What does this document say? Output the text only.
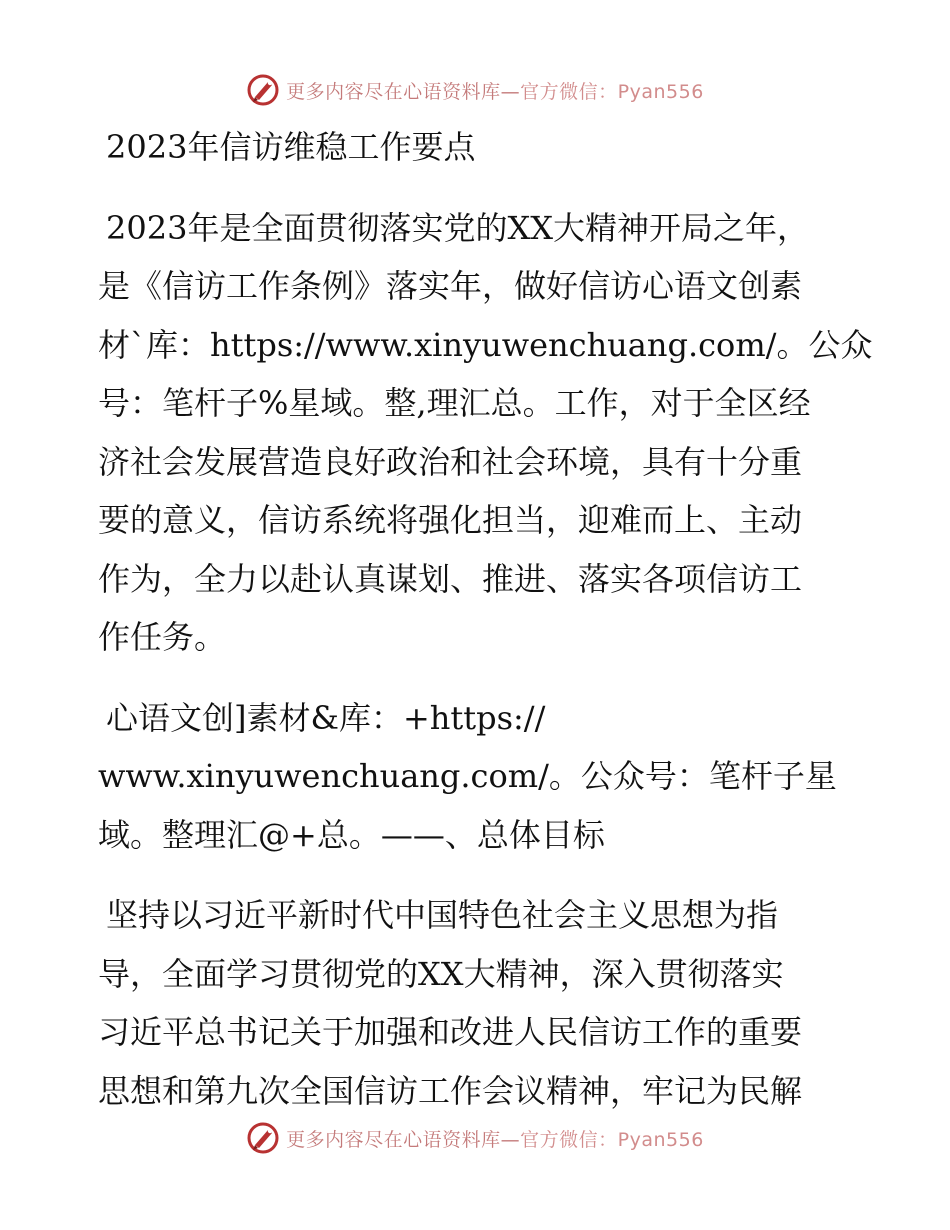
更多内容尽在心语资料库—官方微信：Pyan556

2023年信访维稳工作要点

2023年是全面贯彻落实党的XX大精神开局之年，

是《信访工作条例》落实年，做好信访心语文创素

材`库：https://www.xinyuwenchuang.com/。公众

号：笔杆子%星域。整,理汇总。工作，对于全区经

济社会发展营造良好政治和社会环境，具有十分重

要的意义，信访系统将强化担当，迎难而上、主动

作为，全力以赴认真谋划、推进、落实各项信访工

作任务。

心语文创]素材&库：+https://

www.xinyuwenchuang.com/。公众号：笔杆子星

域。整理汇@+总。——、总体目标

坚持以习近平新时代中国特色社会主义思想为指

导，全面学习贯彻党的XX大精神，深入贯彻落实

习近平总书记关于加强和改进人民信访工作的重要

思想和第九次全国信访工作会议精神，牢记为民解

更多内容尽在心语资料库—官方微信：Pyan556
